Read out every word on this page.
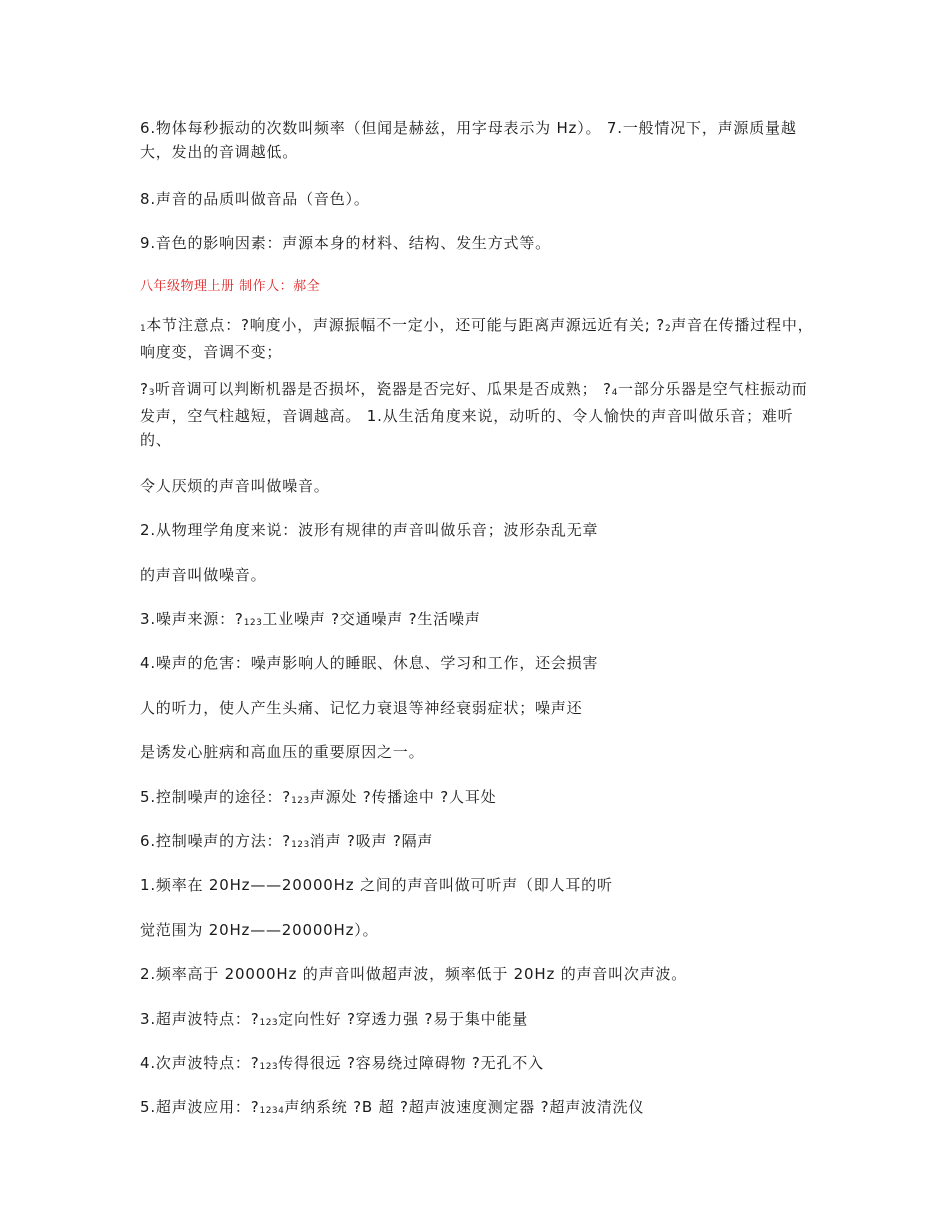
6.物体每秒振动的次数叫频率（但闻是赫兹，用字母表示为 Hz）。 7.一般情况下，声源质量越大，发出的音调越低。
8.声音的品质叫做音品（音色）。
9.音色的影响因素：声源本身的材料、结构、发生方式等。
八年级物理上册 制作人：郝全
$_1$本节注意点：?响度小，声源振幅不一定小，还可能与距离声源远近有关; $?_2$声音在传播过程中，响度变，音调不变；
$?_3$听音调可以判断机器是否损坏，瓷器是否完好、瓜果是否成熟； $?_4$一部分乐器是空气柱振动而发声，空气柱越短，音调越高。 1.从生活角度来说，动听的、令人愉快的声音叫做乐音；难听的、
令人厌烦的声音叫做噪音。
2.从物理学角度来说：波形有规律的声音叫做乐音；波形杂乱无章
的声音叫做噪音。
3.噪声来源：$?_{123}$工业噪声 ?交通噪声 ?生活噪声
4.噪声的危害：噪声影响人的睡眠、休息、学习和工作，还会损害
人的听力，使人产生头痛、记忆力衰退等神经衰弱症状；噪声还
是诱发心脏病和高血压的重要原因之一。
5.控制噪声的途径：$?_{123}$声源处 ?传播途中 ?人耳处
6.控制噪声的方法：$?_{123}$消声 ?吸声 ?隔声
1.频率在 20Hz——20000Hz 之间的声音叫做可听声（即人耳的听
觉范围为 20Hz——20000Hz）。
2.频率高于 20000Hz 的声音叫做超声波，频率低于 20Hz 的声音叫次声波。
3.超声波特点：$?_{123}$定向性好 ?穿透力强 ?易于集中能量
4.次声波特点：$?_{123}$传得很远 ?容易绕过障碍物 ?无孔不入
5.超声波应用：$?_{1234}$声纳系统 ?B 超 ?超声波速度测定器 ?超声波清洗仪
